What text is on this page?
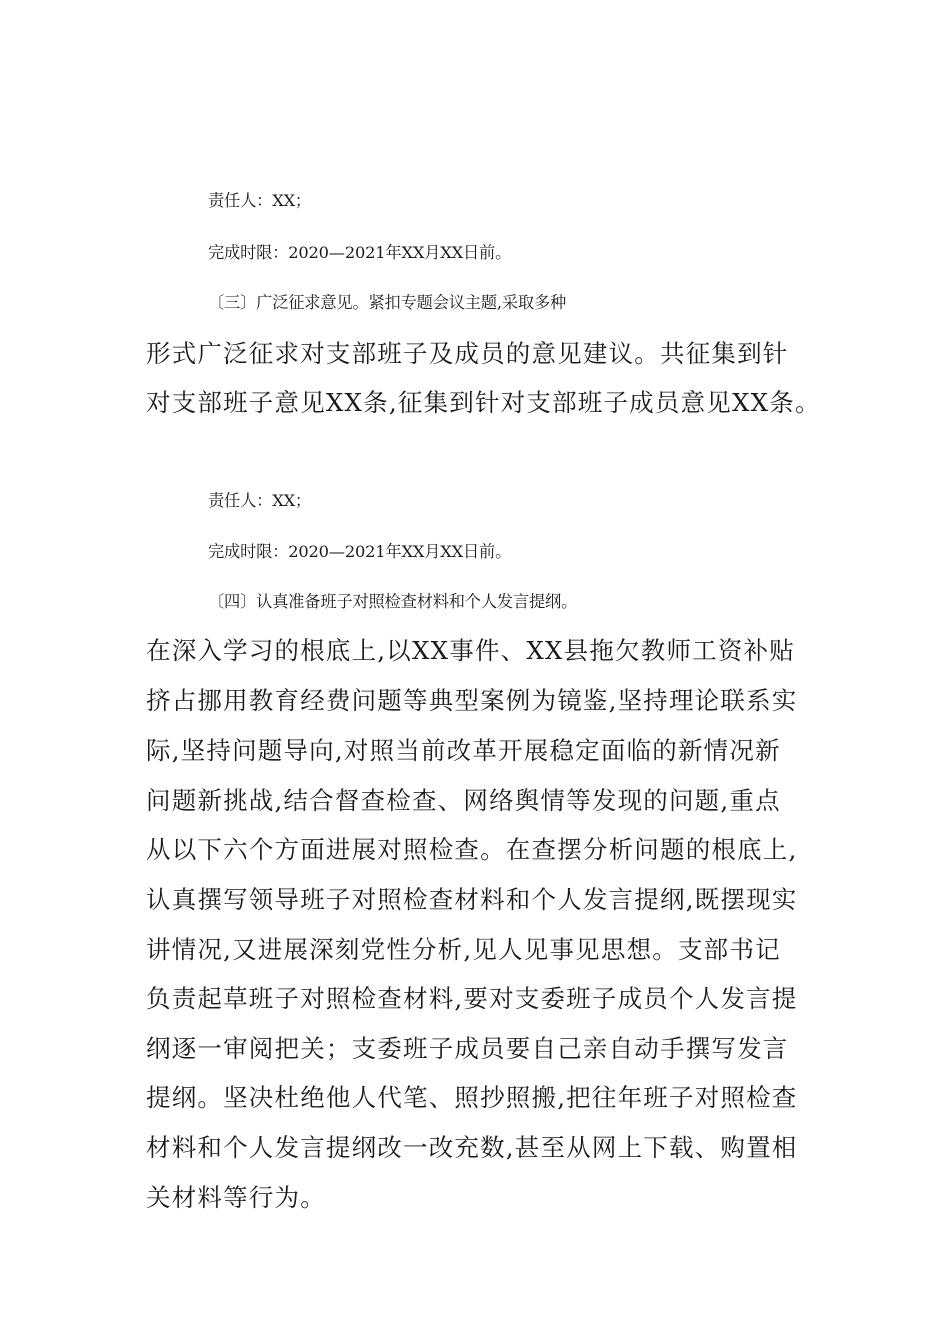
责任人：XX；
完成时限：2020—2021年XX月XX日前。
〔三〕广泛征求意见。紧扣专题会议主题,采取多种
形式广泛征求对支部班子及成员的意见建议。共征集到针
对支部班子意见XX条,征集到针对支部班子成员意见XX条。
责任人：XX；
完成时限：2020—2021年XX月XX日前。
〔四〕认真准备班子对照检查材料和个人发言提纲。
在深入学习的根底上,以XX事件、XX县拖欠教师工资补贴
挤占挪用教育经费问题等典型案例为镜鉴,坚持理论联系实
际,坚持问题导向,对照当前改革开展稳定面临的新情况新
问题新挑战,结合督查检查、网络舆情等发现的问题,重点
从以下六个方面进展对照检查。在查摆分析问题的根底上,
认真撰写领导班子对照检查材料和个人发言提纲,既摆现实
讲情况,又进展深刻党性分析,见人见事见思想。支部书记
负责起草班子对照检查材料,要对支委班子成员个人发言提
纲逐一审阅把关；支委班子成员要自己亲自动手撰写发言
提纲。坚决杜绝他人代笔、照抄照搬,把往年班子对照检查
材料和个人发言提纲改一改充数,甚至从网上下载、购置相
关材料等行为。
